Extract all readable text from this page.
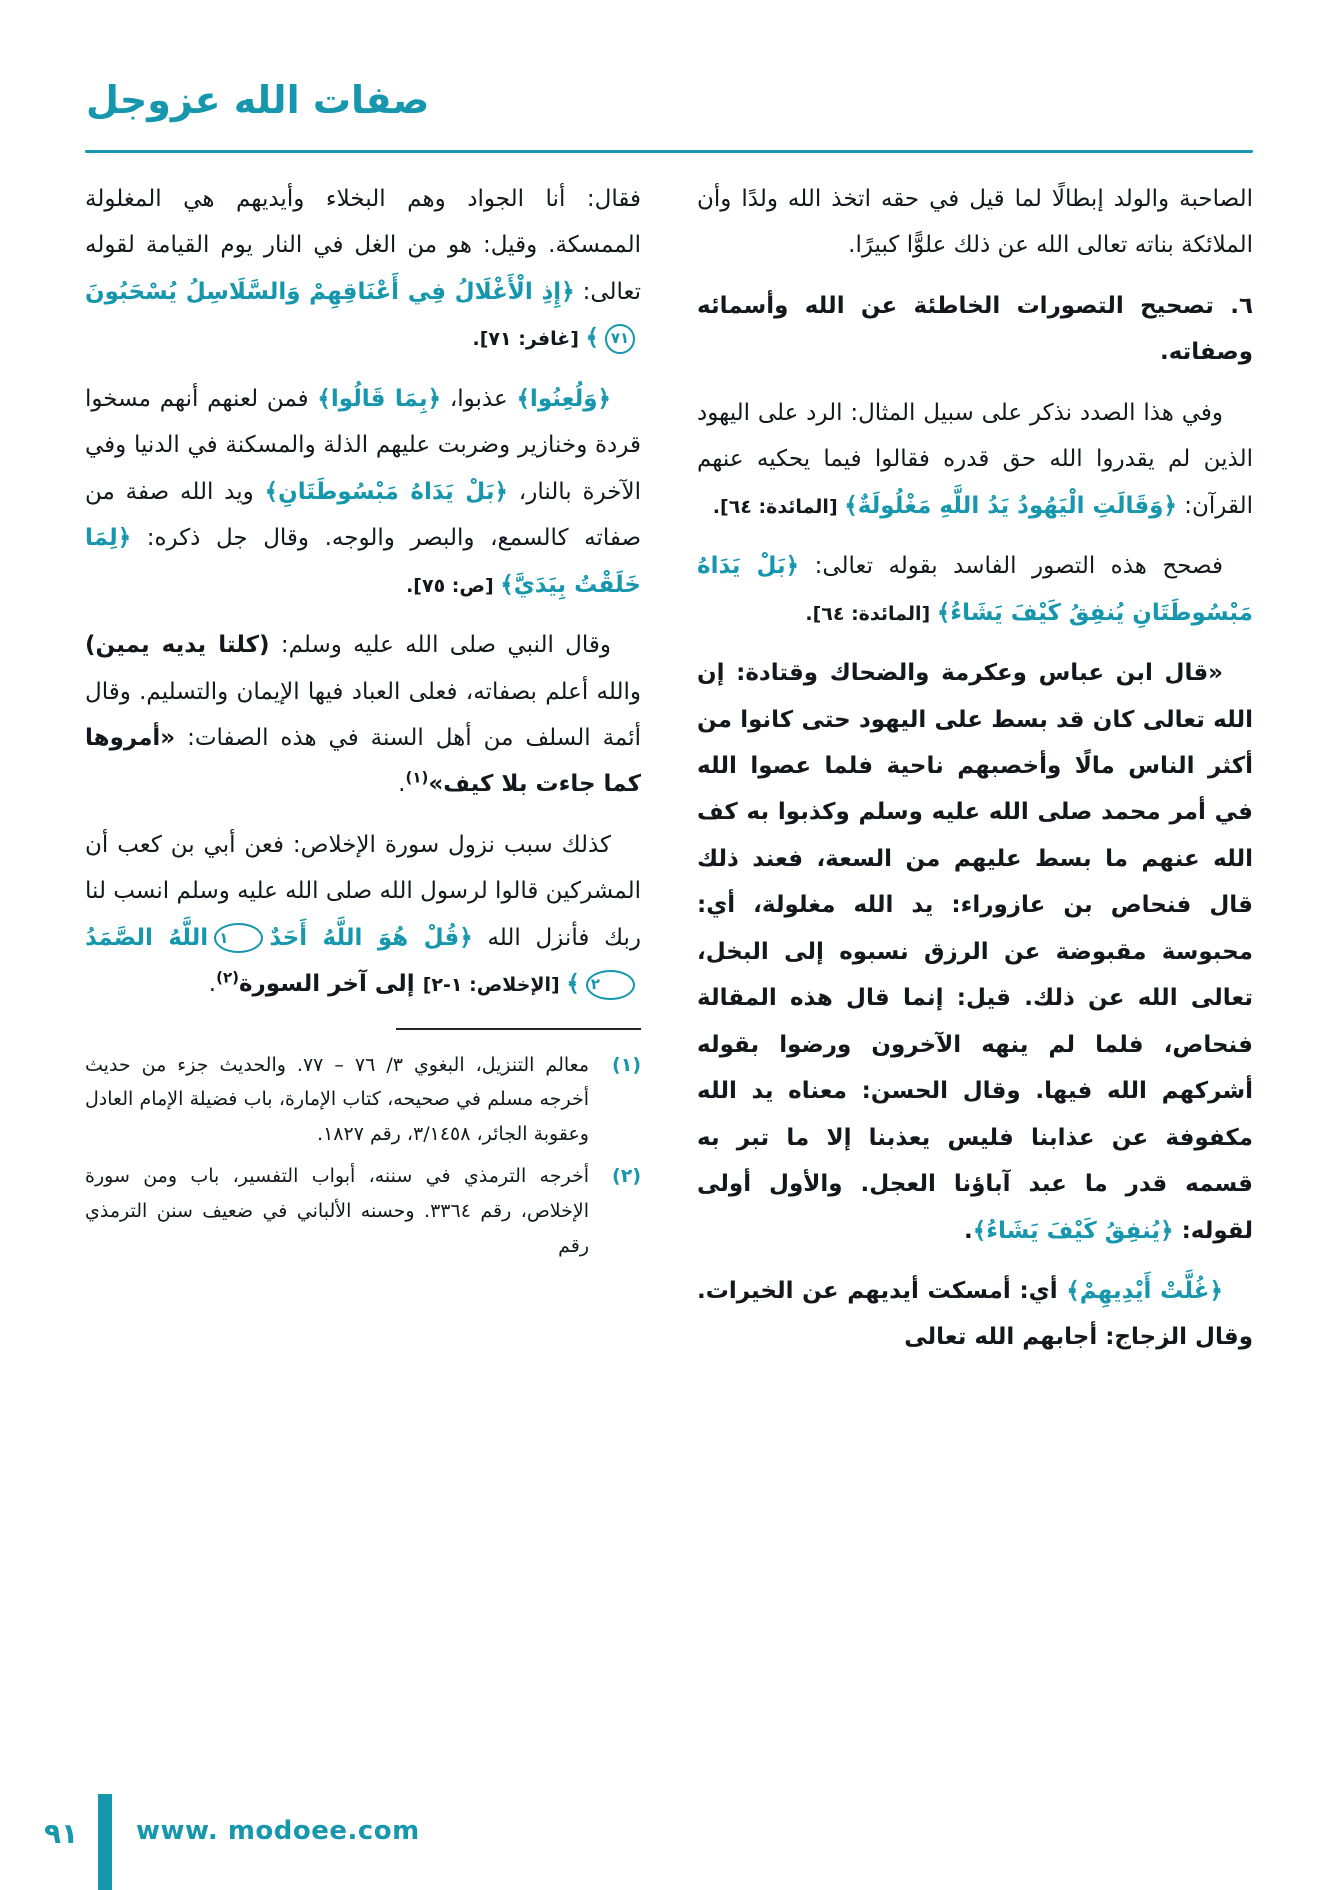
صفات الله عزوجل

الصاحبة والولد إبطالًا لما قيل في حقه اتخذ الله ولدًا وأن الملائكة بناته تعالى الله عن ذلك علوًّا كبيرًا.

٦. تصحيح التصورات الخاطئة عن الله وأسمائه وصفاته.

وفي هذا الصدد نذكر على سبيل المثال: الرد على اليهود الذين لم يقدروا الله حق قدره فقالوا فيما يحكيه عنهم القرآن: ﴿وَقَالَتِ الْيَهُودُ يَدُ اللَّهِ مَغْلُولَةٌ﴾ [المائدة: ٦٤].

فصحح هذه التصور الفاسد بقوله تعالى: ﴿بَلْ يَدَاهُ مَبْسُوطَتَانِ يُنفِقُ كَيْفَ يَشَاءُ﴾ [المائدة: ٦٤].

«قال ابن عباس وعكرمة والضحاك وقتادة: إن الله تعالى كان قد بسط على اليهود حتى كانوا من أكثر الناس مالًا وأخصبهم ناحية فلما عصوا الله في أمر محمد صلى الله عليه وسلم وكذبوا به كف الله عنهم ما بسط عليهم من السعة، فعند ذلك قال فنحاص بن عازوراء: يد الله مغلولة، أي: محبوسة مقبوضة عن الرزق نسبوه إلى البخل، تعالى الله عن ذلك. قيل: إنما قال هذه المقالة فنحاص، فلما لم ينهه الآخرون ورضوا بقوله أشركهم الله فيها. وقال الحسن: معناه يد الله مكفوفة عن عذابنا فليس يعذبنا إلا ما تبر به قسمه قدر ما عبد آباؤنا العجل. والأول أولى لقوله: ﴿يُنفِقُ كَيْفَ يَشَاءُ﴾.

﴿غُلَّتْ أَيْدِيهِمْ﴾ أي: أمسكت أيديهم عن الخيرات. وقال الزجاج: أجابهم الله تعالى

فقال: أنا الجواد وهم البخلاء وأيديهم هي المغلولة الممسكة. وقيل: هو من الغل في النار يوم القيامة لقوله تعالى: ﴿إِذِ الْأَغْلَالُ فِي أَعْنَاقِهِمْ وَالسَّلَاسِلُ يُسْحَبُونَ٧١﴾ [غافر: ٧١].

﴿وَلُعِنُوا﴾ عذبوا، ﴿بِمَا قَالُوا﴾ فمن لعنهم أنهم مسخوا قردة وخنازير وضربت عليهم الذلة والمسكنة في الدنيا وفي الآخرة بالنار، ﴿بَلْ يَدَاهُ مَبْسُوطَتَانِ﴾ ويد الله صفة من صفاته كالسمع، والبصر والوجه. وقال جل ذكره: ﴿لِمَا خَلَقْتُ بِيَدَيَّ﴾ [ص: ٧٥].

وقال النبي صلى الله عليه وسلم: (كلتا يديه يمين) والله أعلم بصفاته، فعلى العباد فيها الإيمان والتسليم. وقال أئمة السلف من أهل السنة في هذه الصفات: «أمروها كما جاءت بلا كيف»$^{(١)}$.

كذلك سبب نزول سورة الإخلاص: فعن أبي بن كعب أن المشركين قالوا لرسول الله صلى الله عليه وسلم انسب لنا ربك فأنزل الله ﴿قُلْ هُوَ اللَّهُ أَحَدٌ١اللَّهُ الصَّمَدُ٢﴾ [الإخلاص: ١-٢] إلى آخر السورة$^{(٢)}$.

(١)
معالم التنزيل، البغوي ٣/ ٧٦ – ٧٧. والحديث جزء من حديث أخرجه مسلم في صحيحه، كتاب الإمارة، باب فضيلة الإمام العادل وعقوبة الجائر، ٣/١٤٥٨، رقم ١٨٢٧.
(٢)
أخرجه الترمذي في سننه، أبواب التفسير، باب ومن سورة الإخلاص، رقم ٣٣٦٤. وحسنه الألباني في ضعيف سنن الترمذي رقم
٩١ www. modoee.com
